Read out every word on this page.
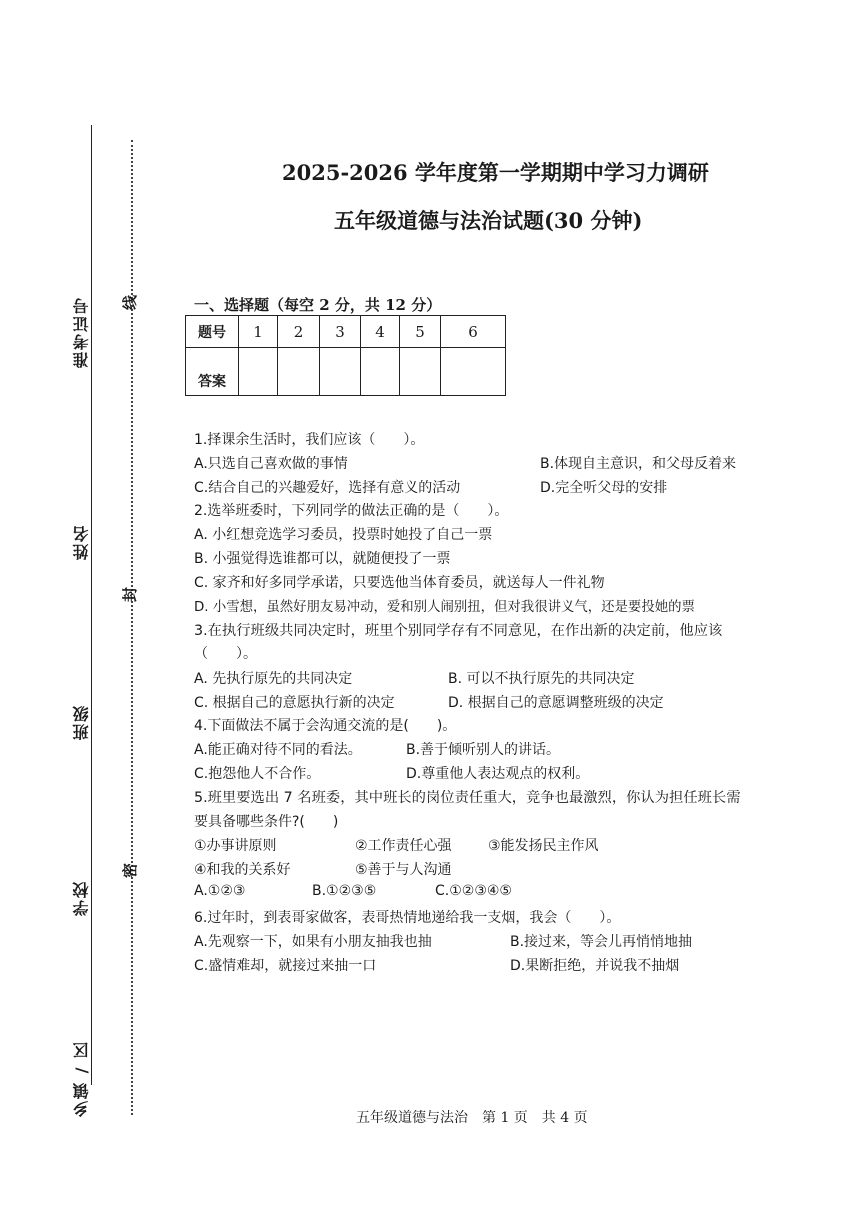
准考证号
姓名
班级
学校
乡镇 / 区
线
封
密
2025-2026 学年度第一学期期中学习力调研
五年级道德与法治试题(30 分钟)
一、选择题（每空 2 分，共 12 分）
题号	1	2	3	4	5	6
答案						
1.择课余生活时，我们应该（　　）。
A.只选自己喜欢做的事情	B.体现自主意识，和父母反着来
C.结合自己的兴趣爱好，选择有意义的活动	D.完全听父母的安排
2.选举班委时，下列同学的做法正确的是（　　）。
A. 小红想竞选学习委员，投票时她投了自己一票
B. 小强觉得选谁都可以，就随便投了一票
C. 家齐和好多同学承诺，只要选他当体育委员，就送每人一件礼物
D. 小雪想，虽然好朋友易冲动，爱和别人闹别扭，但对我很讲义气，还是要投她的票
3.在执行班级共同决定时，班里个别同学存有不同意见，在作出新的决定前，他应该
（　　）。
A. 先执行原先的共同决定	B. 可以不执行原先的共同决定
C. 根据自己的意愿执行新的决定	D. 根据自己的意愿调整班级的决定
4.下面做法不属于会沟通交流的是(　　)。
A.能正确对待不同的看法。	B.善于倾听别人的讲话。
C.抱怨他人不合作。	D.尊重他人表达观点的权利。
5.班里要选出 7 名班委，其中班长的岗位责任重大，竞争也最激烈，你认为担任班长需
要具备哪些条件?(　　)
①办事讲原则	②工作责任心强	③能发扬民主作风
④和我的关系好	⑤善于与人沟通
A.①②③	B.①②③⑤	C.①②③④⑤
6.过年时，到表哥家做客，表哥热情地递给我一支烟，我会（　　）。
A.先观察一下，如果有小朋友抽我也抽	B.接过来，等会儿再悄悄地抽
C.盛情难却，就接过来抽一口	D.果断拒绝，并说我不抽烟
五年级道德与法治　第 1 页　共 4 页
